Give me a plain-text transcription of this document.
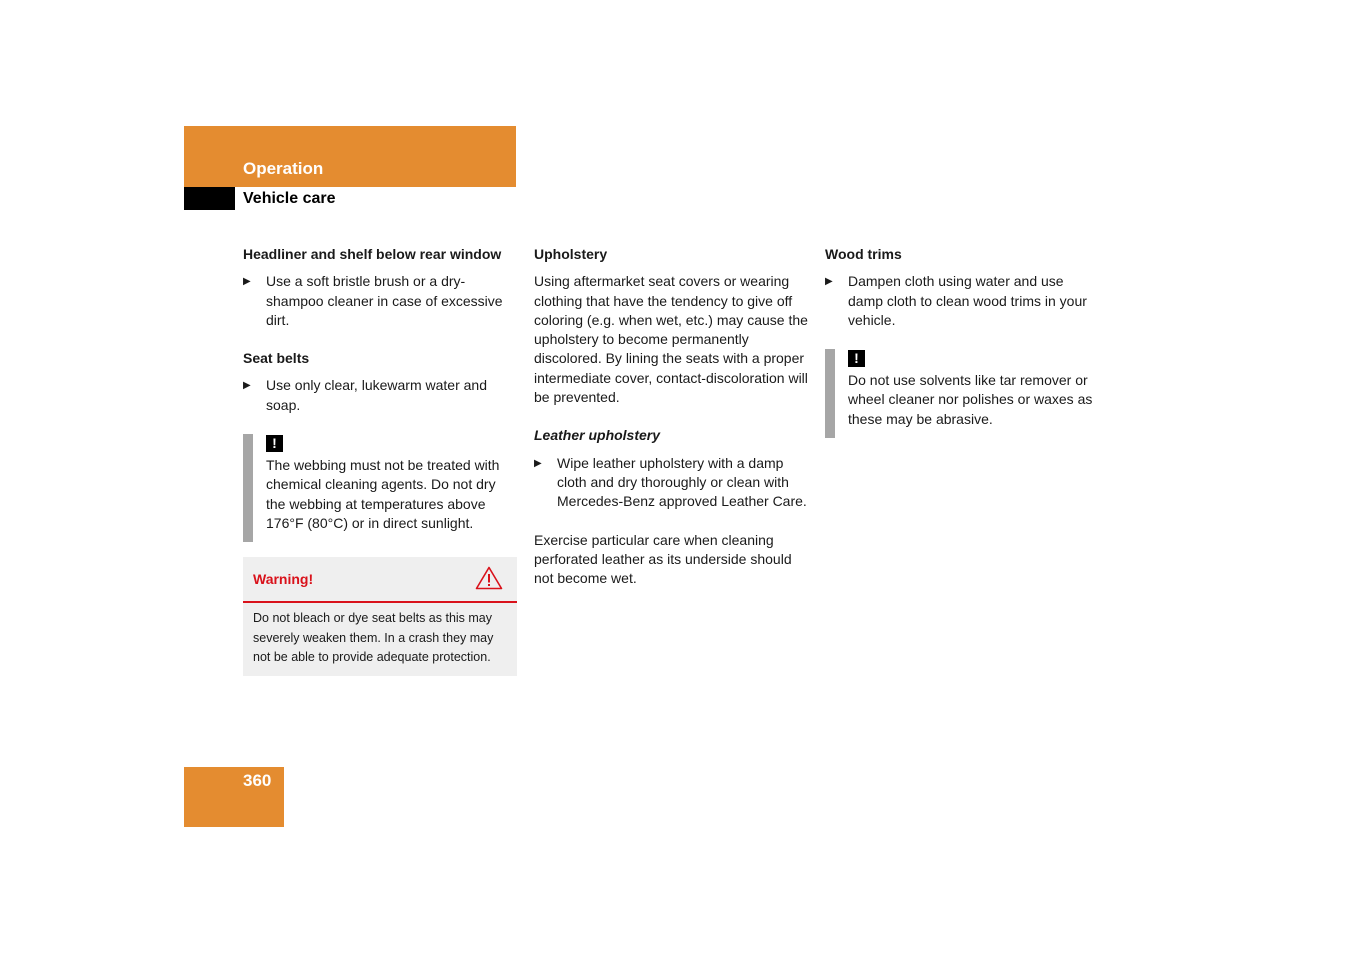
Operation
Vehicle care
Headliner and shelf below rear window
▶ Use a soft bristle brush or a dry-shampoo cleaner in case of excessive dirt.
Seat belts
▶ Use only clear, lukewarm water and soap.
!
The webbing must not be treated with chemical cleaning agents. Do not dry the webbing at temperatures above 176°F (80°C) or in direct sunlight.
Warning!
Do not bleach or dye seat belts as this may severely weaken them. In a crash they may not be able to provide adequate protection.
Upholstery
Using aftermarket seat covers or wearing clothing that have the tendency to give off coloring (e.g. when wet, etc.) may cause the upholstery to become permanently discolored. By lining the seats with a proper intermediate cover, contact-discoloration will be prevented.
Leather upholstery
▶ Wipe leather upholstery with a damp cloth and dry thoroughly or clean with Mercedes-Benz approved Leather Care.
Exercise particular care when cleaning perforated leather as its underside should not become wet.
Wood trims
▶ Dampen cloth using water and use damp cloth to clean wood trims in your vehicle.
!
Do not use solvents like tar remover or wheel cleaner nor polishes or waxes as these may be abrasive.
360
